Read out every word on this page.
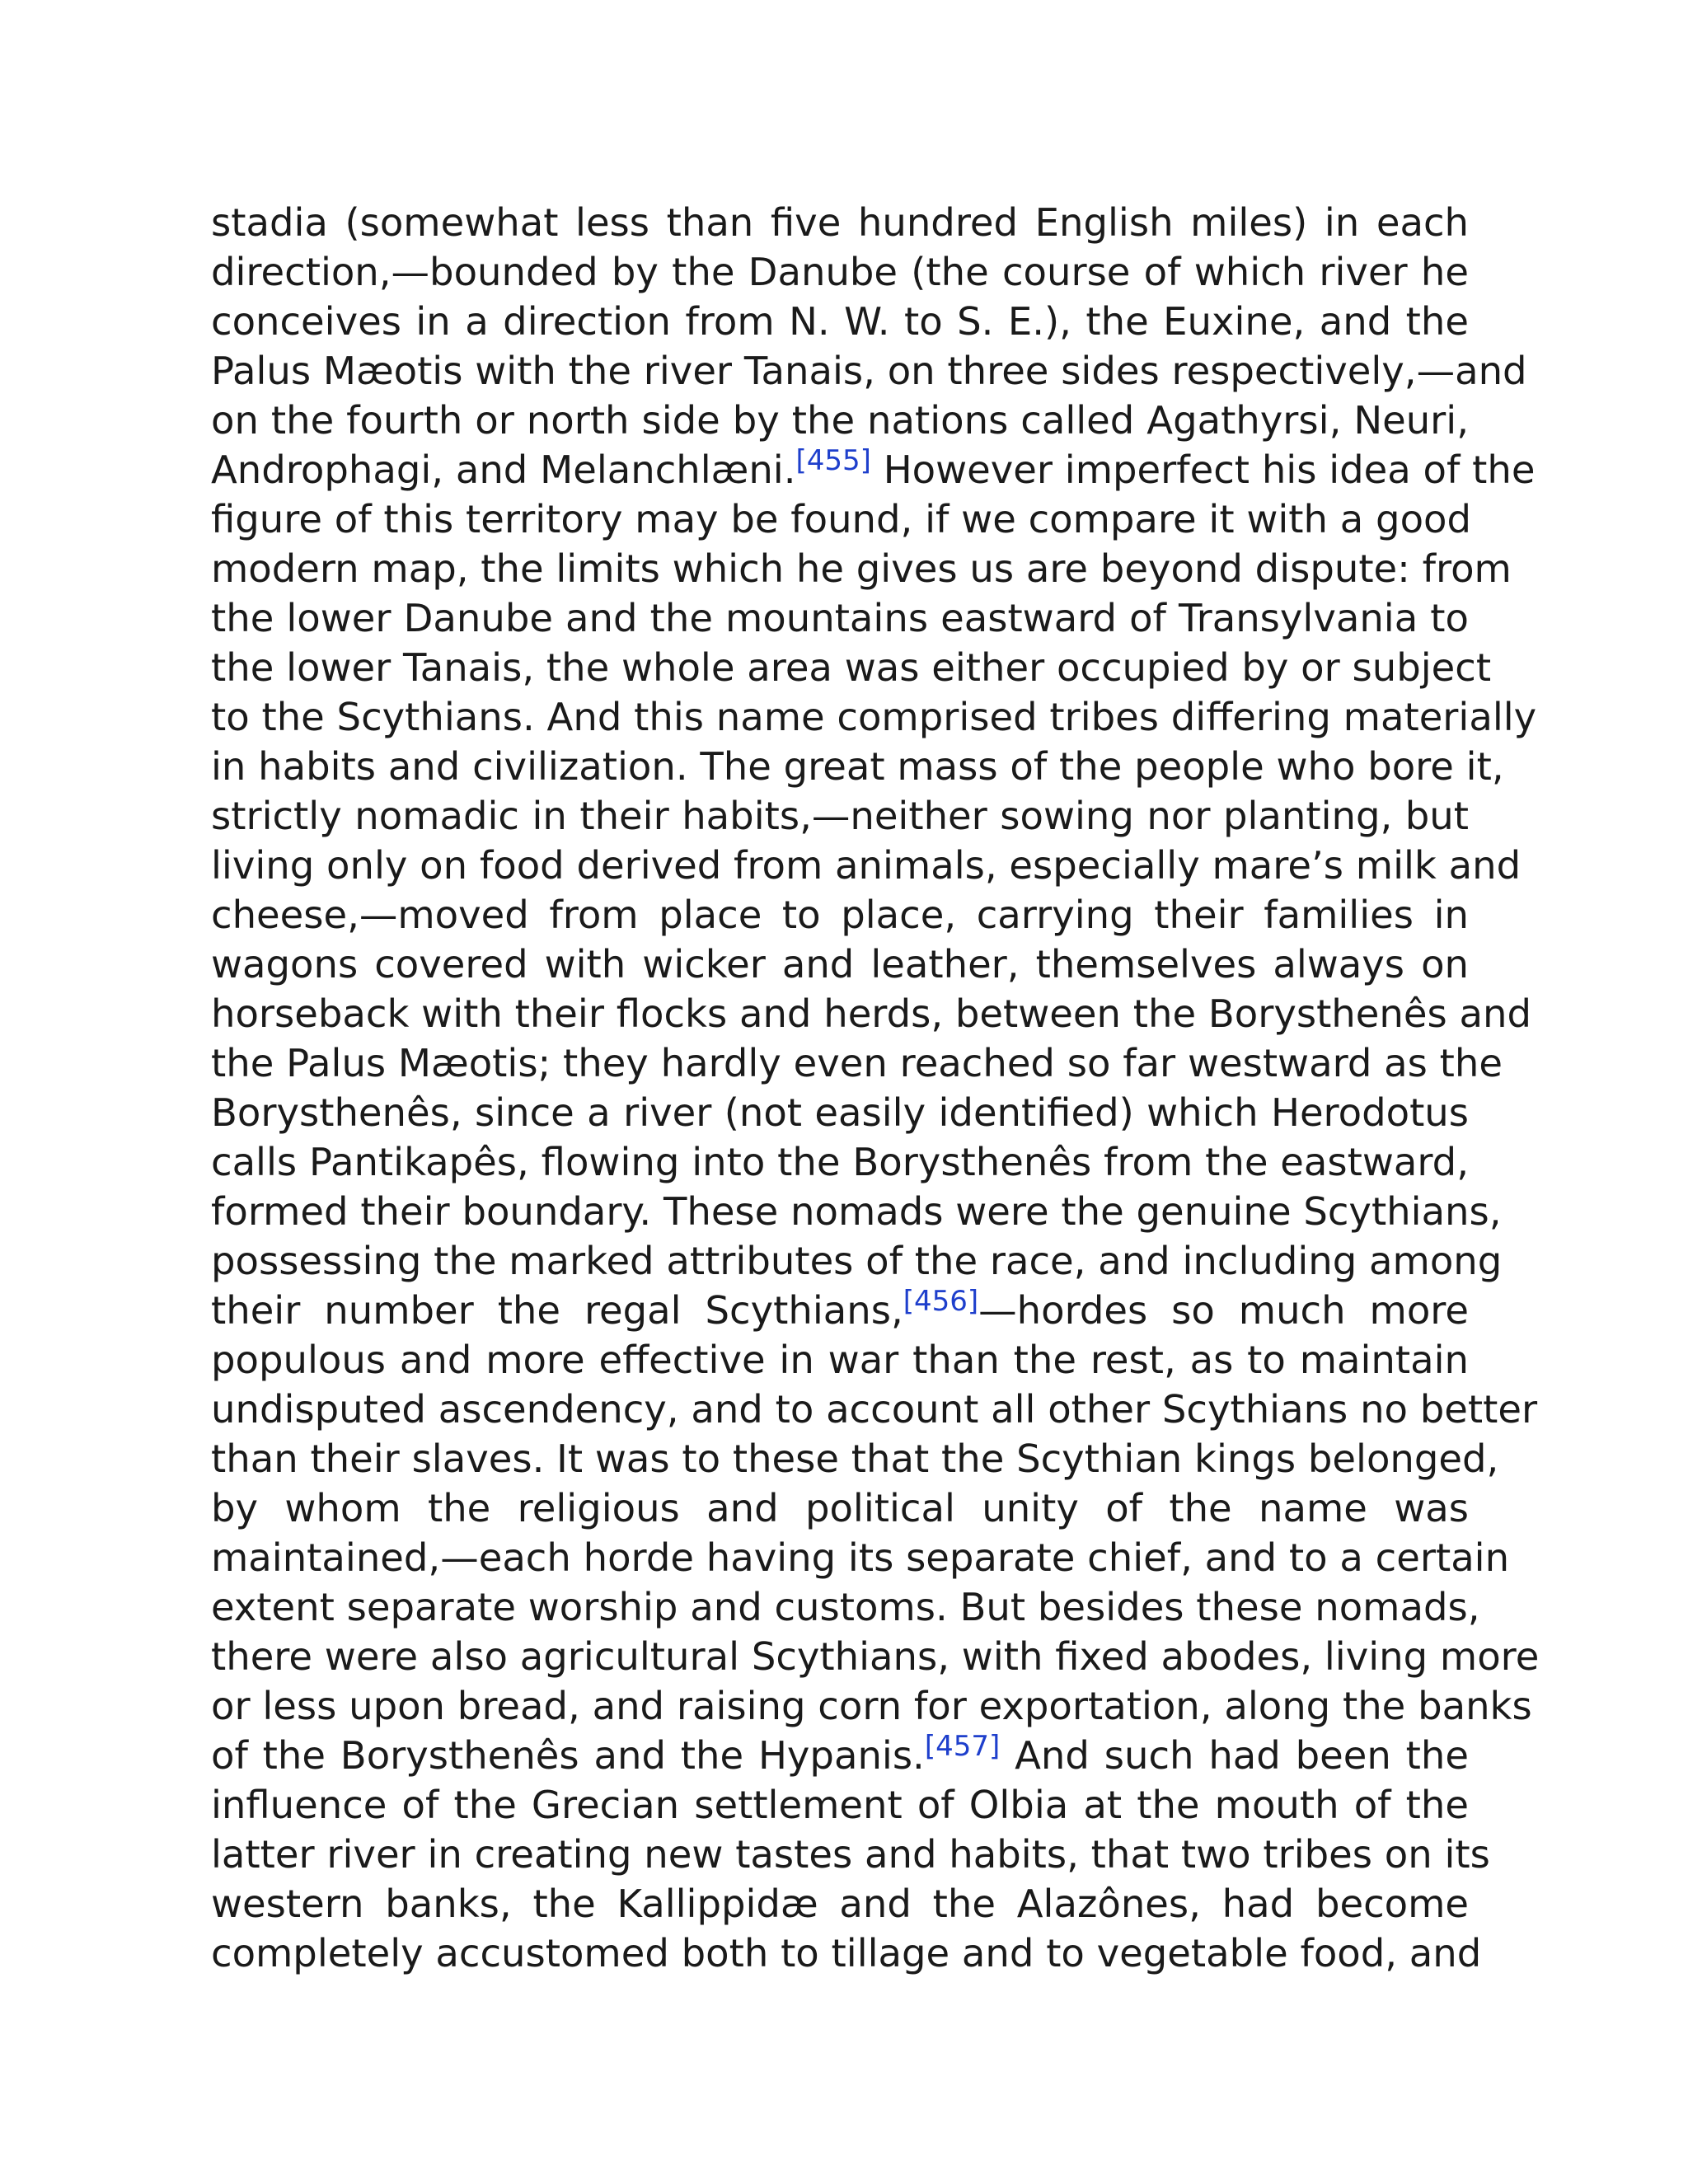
stadia (somewhat less than five hundred English miles) in each
direction,—bounded by the Danube (the course of which river he
conceives in a direction from N. W. to S. E.), the Euxine, and the
Palus Mæotis with the river Tanais, on three sides respectively,—and
on the fourth or north side by the nations called Agathyrsi, Neuri,
Androphagi, and Melanchlæni.[455] However imperfect his idea of the
figure of this territory may be found, if we compare it with a good
modern map, the limits which he gives us are beyond dispute: from
the lower Danube and the mountains eastward of Transylvania to
the lower Tanais, the whole area was either occupied by or subject
to the Scythians. And this name comprised tribes differing materially
in habits and civilization. The great mass of the people who bore it,
strictly nomadic in their habits,—neither sowing nor planting, but
living only on food derived from animals, especially mare’s milk and
cheese,—moved from place to place, carrying their families in
wagons covered with wicker and leather, themselves always on
horseback with their flocks and herds, between the Borysthenês and
the Palus Mæotis; they hardly even reached so far westward as the
Borysthenês, since a river (not easily identified) which Herodotus
calls Pantikapês, flowing into the Borysthenês from the eastward,
formed their boundary. These nomads were the genuine Scythians,
possessing the marked attributes of the race, and including among
their number the regal Scythians,[456]—hordes so much more
populous and more effective in war than the rest, as to maintain
undisputed ascendency, and to account all other Scythians no better
than their slaves. It was to these that the Scythian kings belonged,
by whom the religious and political unity of the name was
maintained,—each horde having its separate chief, and to a certain
extent separate worship and customs. But besides these nomads,
there were also agricultural Scythians, with fixed abodes, living more
or less upon bread, and raising corn for exportation, along the banks
of the Borysthenês and the Hypanis.[457] And such had been the
influence of the Grecian settlement of Olbia at the mouth of the
latter river in creating new tastes and habits, that two tribes on its
western banks, the Kallippidæ and the Alazônes, had become
completely accustomed both to tillage and to vegetable food, and
